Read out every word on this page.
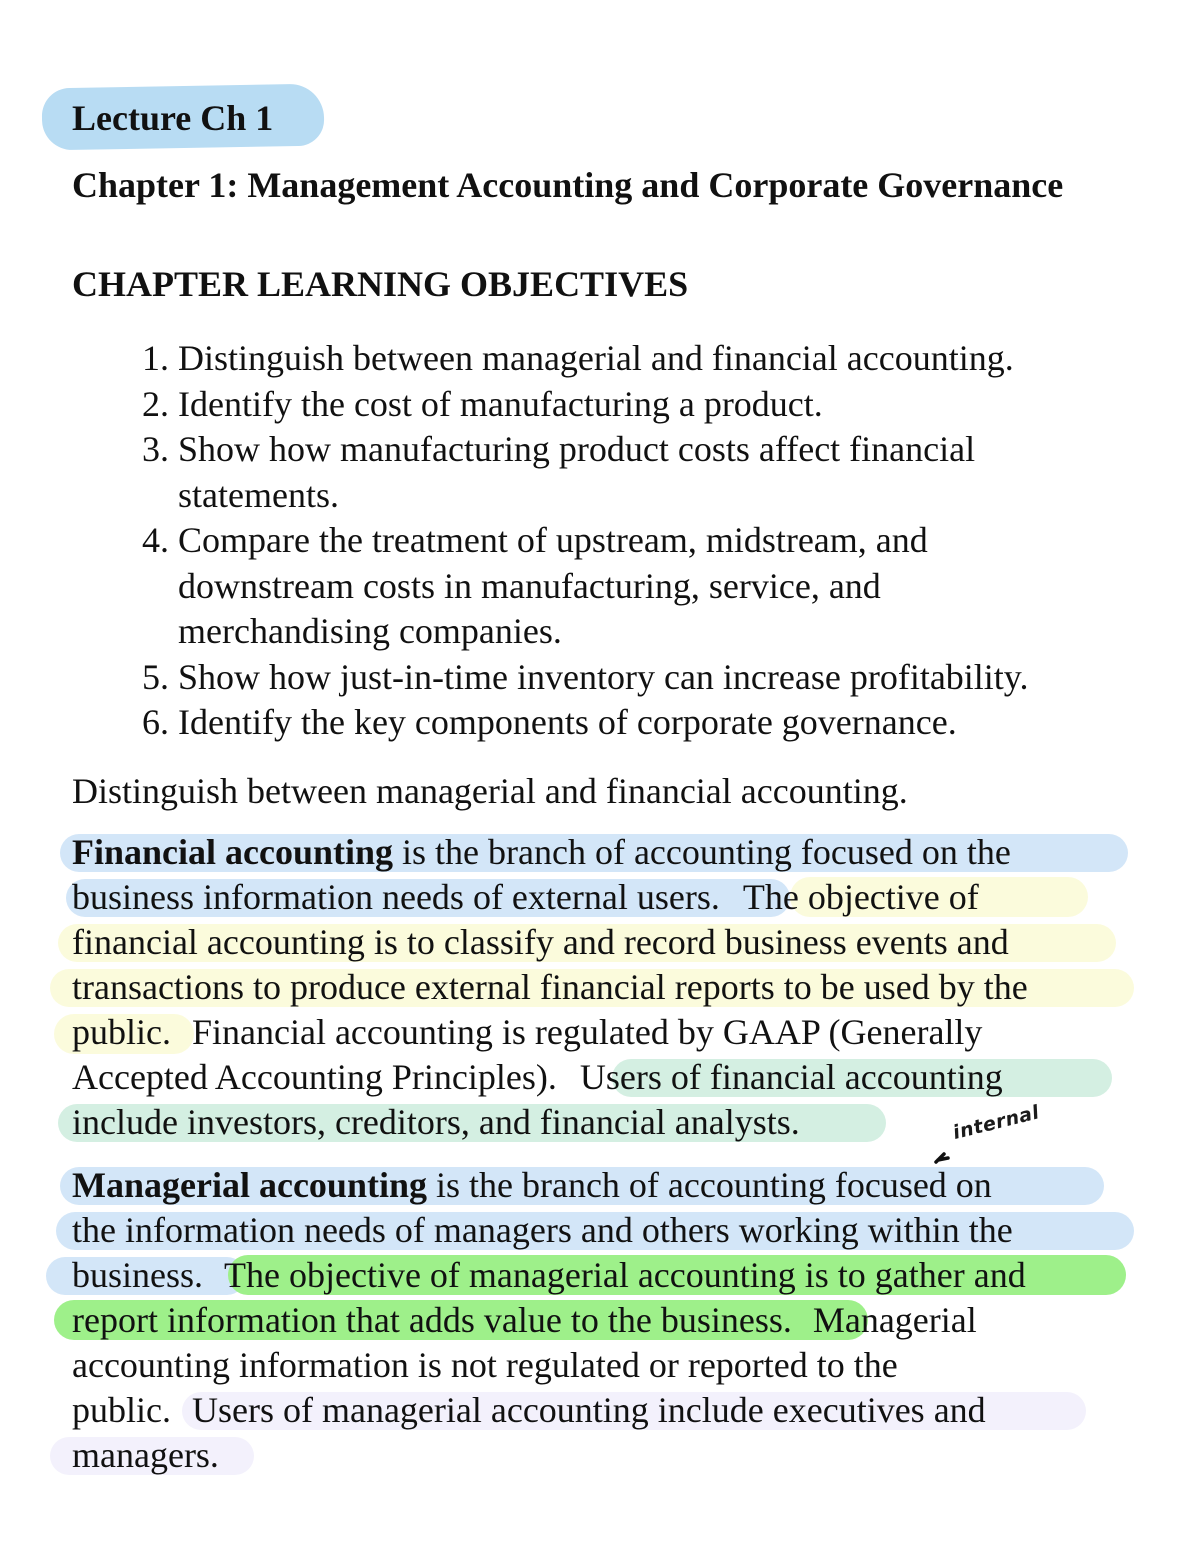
Lecture Ch 1
Chapter 1: Management Accounting and Corporate Governance
CHAPTER LEARNING OBJECTIVES
1. Distinguish between managerial and financial accounting.
2. Identify the cost of manufacturing a product.
3. Show how manufacturing product costs affect financial statements.
4. Compare the treatment of upstream, midstream, and downstream costs in manufacturing, service, and merchandising companies.
5. Show how just-in-time inventory can increase profitability.
6. Identify the key components of corporate governance.

Distinguish between managerial and financial accounting.

Financial accounting is the branch of accounting focused on the
business information needs of external users. The objective of
financial accounting is to classify and record business events and
transactions to produce external financial reports to be used by the
public. Financial accounting is regulated by GAAP (Generally
Accepted Accounting Principles). Users of financial accounting
include investors, creditors, and financial analysts.	internal
Managerial accounting is the branch of accounting focused on
the information needs of managers and others working within the
business. The objective of managerial accounting is to gather and
report information that adds value to the business. Managerial
accounting information is not regulated or reported to the
public. Users of managerial accounting include executives and
managers.
